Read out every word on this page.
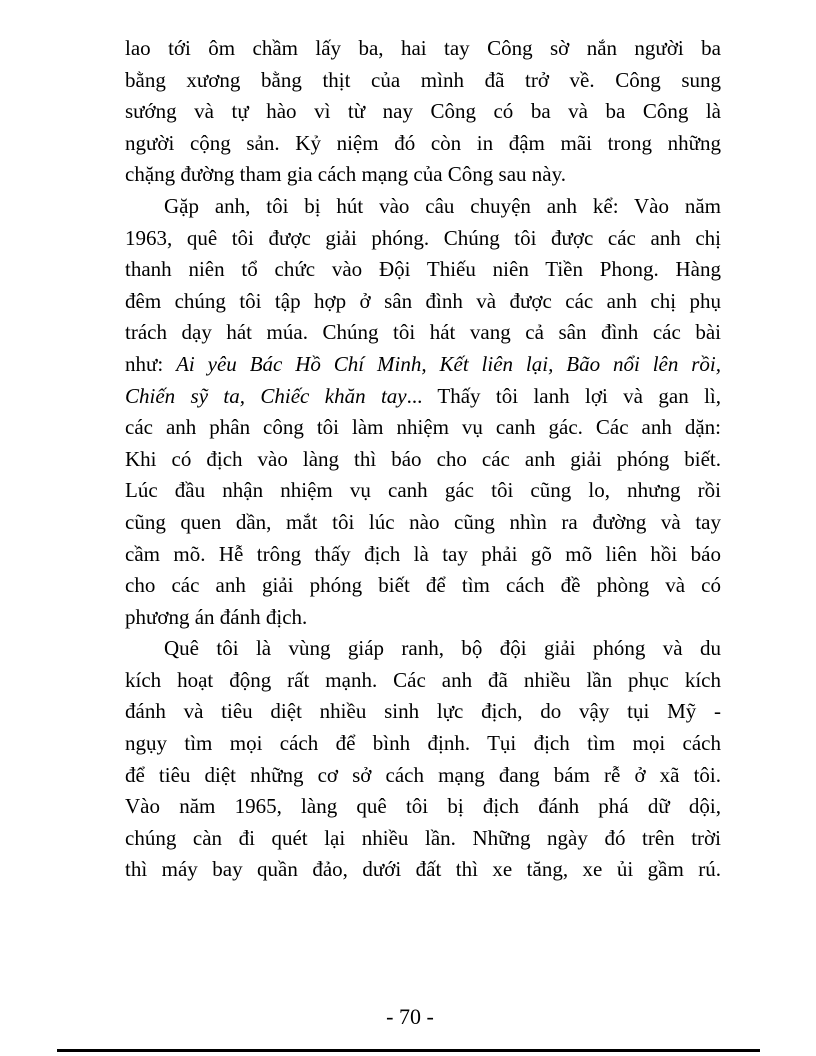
lao tới ôm chầm lấy ba, hai tay Công sờ nắn người ba
bằng xương bằng thịt của mình đã trở về. Công sung
sướng và tự hào vì từ nay Công có ba và ba Công là
người cộng sản. Kỷ niệm đó còn in đậm mãi trong những
chặng đường tham gia cách mạng của Công sau này.
Gặp anh, tôi bị hút vào câu chuyện anh kể: Vào năm
1963, quê tôi được giải phóng. Chúng tôi được các anh chị
thanh niên tổ chức vào Đội Thiếu niên Tiền Phong. Hàng
đêm chúng tôi tập hợp ở sân đình và được các anh chị phụ
trách dạy hát múa. Chúng tôi hát vang cả sân đình các bài
như: Ai yêu Bác Hồ Chí Minh, Kết liên lại, Bão nổi lên rồi,
Chiến sỹ ta, Chiếc khăn tay... Thấy tôi lanh lợi và gan lì,
các anh phân công tôi làm nhiệm vụ canh gác. Các anh dặn:
Khi có địch vào làng thì báo cho các anh giải phóng biết.
Lúc đầu nhận nhiệm vụ canh gác tôi cũng lo, nhưng rồi
cũng quen dần, mắt tôi lúc nào cũng nhìn ra đường và tay
cầm mõ. Hễ trông thấy địch là tay phải gõ mõ liên hồi báo
cho các anh giải phóng biết để tìm cách đề phòng và có
phương án đánh địch.
Quê tôi là vùng giáp ranh, bộ đội giải phóng và du
kích hoạt động rất mạnh. Các anh đã nhiều lần phục kích
đánh và tiêu diệt nhiều sinh lực địch, do vậy tụi Mỹ -
ngụy tìm mọi cách để bình định. Tụi địch tìm mọi cách
để tiêu diệt những cơ sở cách mạng đang bám rễ ở xã tôi.
Vào năm 1965, làng quê tôi bị địch đánh phá dữ dội,
chúng càn đi quét lại nhiều lần. Những ngày đó trên trời
thì máy bay quần đảo, dưới đất thì xe tăng, xe ủi gầm rú.
- 70 -
